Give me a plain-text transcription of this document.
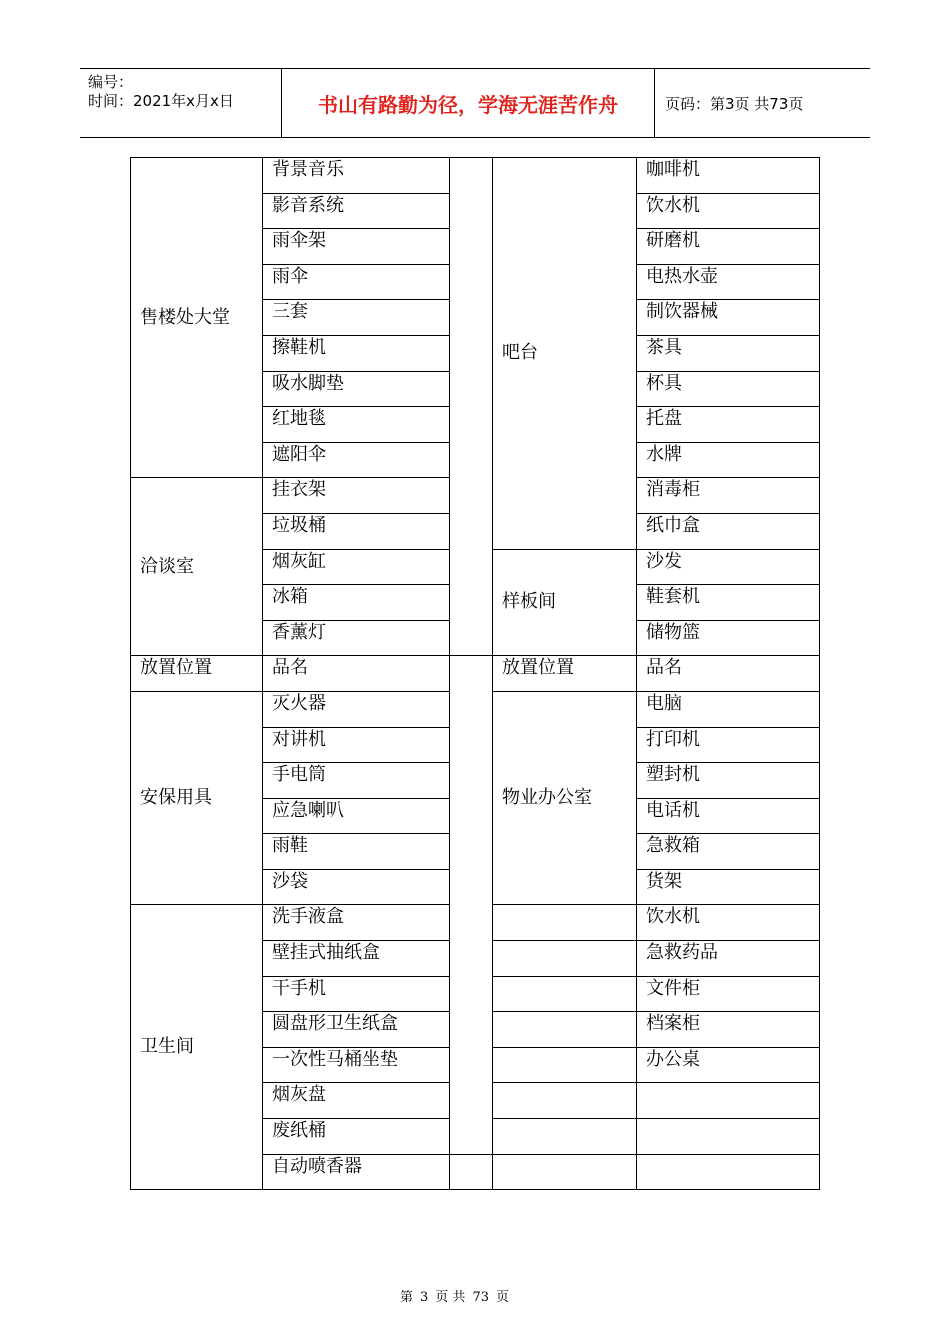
编号：
时间：2021年x月x日	书山有路勤为径，学海无涯苦作舟	页码：第3页 共73页
售楼处大堂	背景音乐		吧台	咖啡机
	影音系统			饮水机
	雨伞架			研磨机
	雨伞			电热水壶
	三套			制饮器械
	擦鞋机			茶具
	吸水脚垫			杯具
	红地毯			托盘
	遮阳伞			水牌
洽谈室	挂衣架			消毒柜
	垃圾桶			纸巾盒
	烟灰缸		样板间	沙发
	冰箱			鞋套机
	香薰灯			储物篮
放置位置	品名		放置位置	品名
安保用具	灭火器		物业办公室	电脑
	对讲机			打印机
	手电筒			塑封机
	应急喇叭			电话机
	雨鞋			急救箱
	沙袋			货架
卫生间	洗手液盒			饮水机
	壁挂式抽纸盒			急救药品
	干手机			文件柜
	圆盘形卫生纸盒			档案柜
	一次性马桶坐垫			办公桌
	烟灰盘			
	废纸桶			
	自动喷香器			
第 3 页 共 73 页
